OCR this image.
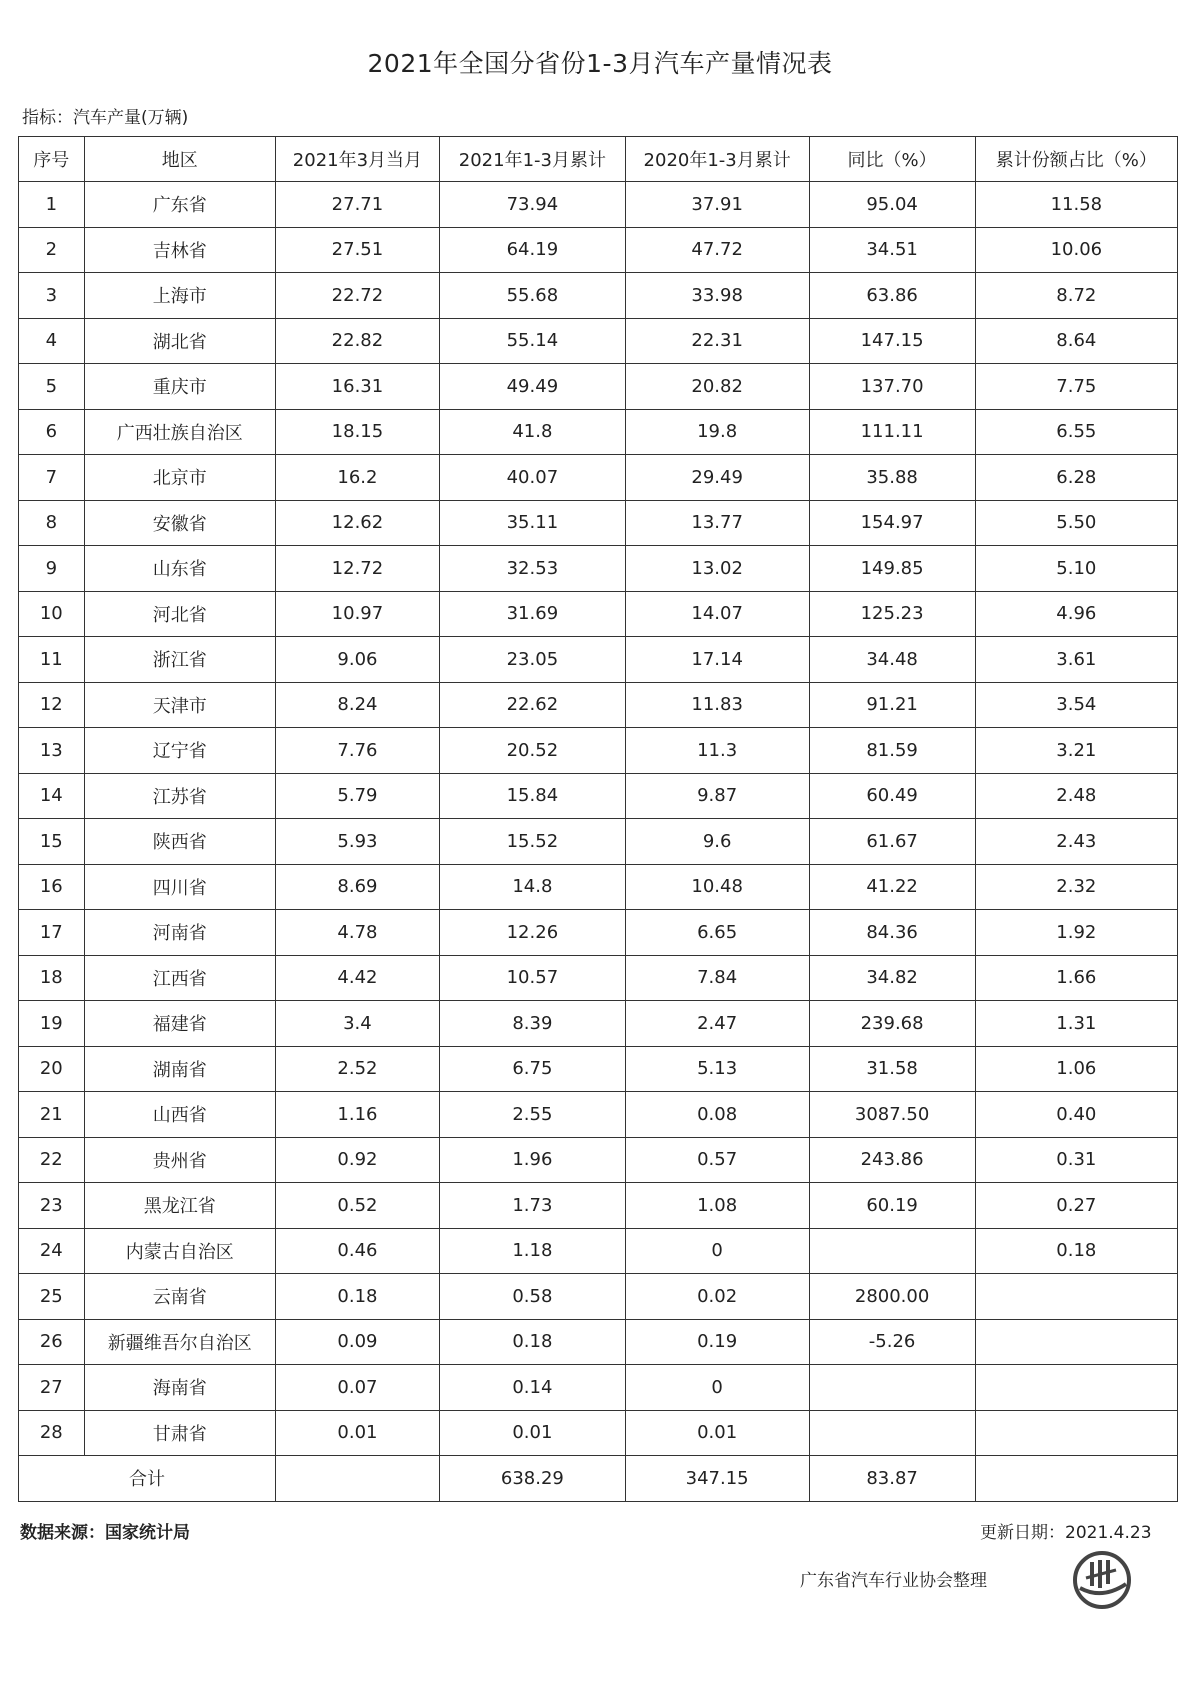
2021年全国分省份1-3月汽车产量情况表
指标：汽车产量(万辆)
序号	地区	2021年3月当月	2021年1-3月累计	2020年1-3月累计	同比（%）	累计份额占比（%）
1	广东省	27.71	73.94	37.91	95.04	11.58
2	吉林省	27.51	64.19	47.72	34.51	10.06
3	上海市	22.72	55.68	33.98	63.86	8.72
4	湖北省	22.82	55.14	22.31	147.15	8.64
5	重庆市	16.31	49.49	20.82	137.70	7.75
6	广西壮族自治区	18.15	41.8	19.8	111.11	6.55
7	北京市	16.2	40.07	29.49	35.88	6.28
8	安徽省	12.62	35.11	13.77	154.97	5.50
9	山东省	12.72	32.53	13.02	149.85	5.10
10	河北省	10.97	31.69	14.07	125.23	4.96
11	浙江省	9.06	23.05	17.14	34.48	3.61
12	天津市	8.24	22.62	11.83	91.21	3.54
13	辽宁省	7.76	20.52	11.3	81.59	3.21
14	江苏省	5.79	15.84	9.87	60.49	2.48
15	陕西省	5.93	15.52	9.6	61.67	2.43
16	四川省	8.69	14.8	10.48	41.22	2.32
17	河南省	4.78	12.26	6.65	84.36	1.92
18	江西省	4.42	10.57	7.84	34.82	1.66
19	福建省	3.4	8.39	2.47	239.68	1.31
20	湖南省	2.52	6.75	5.13	31.58	1.06
21	山西省	1.16	2.55	0.08	3087.50	0.40
22	贵州省	0.92	1.96	0.57	243.86	0.31
23	黑龙江省	0.52	1.73	1.08	60.19	0.27
24	内蒙古自治区	0.46	1.18	0		0.18
25	云南省	0.18	0.58	0.02	2800.00	
26	新疆维吾尔自治区	0.09	0.18	0.19	-5.26	
27	海南省	0.07	0.14	0		
28	甘肃省	0.01	0.01	0.01		
合计			638.29	347.15	83.87	
数据来源：国家统计局	更新日期：2021.4.23
广东省汽车行业协会整理
